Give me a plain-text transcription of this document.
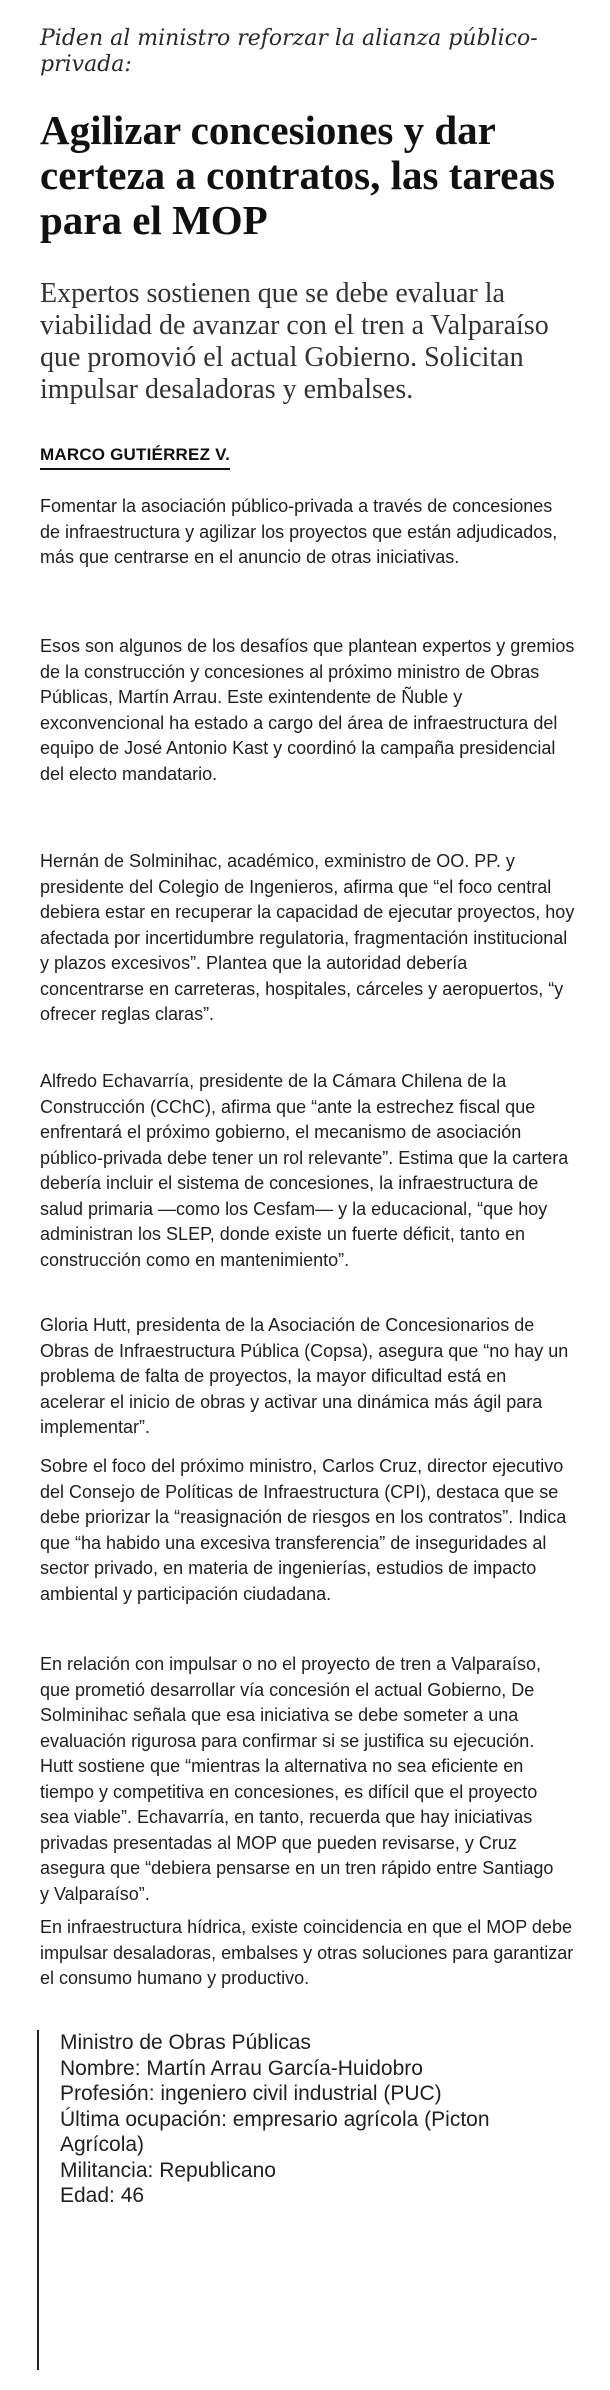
Piden al ministro reforzar la alianza público-privada:

Agilizar concesiones y dar certeza a contratos, las tareas para el MOP

Expertos sostienen que se debe evaluar la viabilidad de avanzar con el tren a Valparaíso que promovió el actual Gobierno. Solicitan impulsar desaladoras y embalses.

MARCO GUTIÉRREZ V.

Fomentar la asociación público-privada a través de concesiones de infraestructura y agilizar los proyectos que están adjudicados, más que centrarse en el anuncio de otras iniciativas.

Esos son algunos de los desafíos que plantean expertos y gremios de la construcción y concesiones al próximo ministro de Obras Públicas, Martín Arrau. Este exintendente de Ñuble y exconvencional ha estado a cargo del área de infraestructura del equipo de José Antonio Kast y coordinó la campaña presidencial del electo mandatario.

Hernán de Solminihac, académico, exministro de OO. PP. y presidente del Colegio de Ingenieros, afirma que “el foco central debiera estar en recuperar la capacidad de ejecutar proyectos, hoy afectada por incertidumbre regulatoria, fragmentación institucional y plazos excesivos”. Plantea que la autoridad debería concentrarse en carreteras, hospitales, cárceles y aeropuertos, “y ofrecer reglas claras”.

Alfredo Echavarría, presidente de la Cámara Chilena de la Construcción (CChC), afirma que “ante la estrechez fiscal que enfrentará el próximo gobierno, el mecanismo de asociación público-privada debe tener un rol relevante”. Estima que la cartera debería incluir el sistema de concesiones, la infraestructura de salud primaria —como los Cesfam— y la educacional, “que hoy administran los SLEP, donde existe un fuerte déficit, tanto en construcción como en mantenimiento”.

Gloria Hutt, presidenta de la Asociación de Concesionarios de Obras de Infraestructura Pública (Copsa), asegura que “no hay un problema de falta de proyectos, la mayor dificultad está en acelerar el inicio de obras y activar una dinámica más ágil para implementar”.

Sobre el foco del próximo ministro, Carlos Cruz, director ejecutivo del Consejo de Políticas de Infraestructura (CPI), destaca que se debe priorizar la “reasignación de riesgos en los contratos”. Indica que “ha habido una excesiva transferencia” de inseguridades al sector privado, en materia de ingenierías, estudios de impacto ambiental y participación ciudadana.

En relación con impulsar o no el proyecto de tren a Valparaíso, que prometió desarrollar vía concesión el actual Gobierno, De Solminihac señala que esa iniciativa se debe someter a una evaluación rigurosa para confirmar si se justifica su ejecución. Hutt sostiene que “mientras la alternativa no sea eficiente en tiempo y competitiva en concesiones, es difícil que el proyecto sea viable”. Echavarría, en tanto, recuerda que hay iniciativas privadas presentadas al MOP que pueden revisarse, y Cruz asegura que “debiera pensarse en un tren rápido entre Santiago y Valparaíso”.

En infraestructura hídrica, existe coincidencia en que el MOP debe impulsar desaladoras, embalses y otras soluciones para garantizar el consumo humano y productivo.

Ministro de Obras Públicas
Nombre: Martín Arrau García-Huidobro
Profesión: ingeniero civil industrial (PUC)
Última ocupación: empresario agrícola (Picton Agrícola)
Militancia: Republicano
Edad: 46
